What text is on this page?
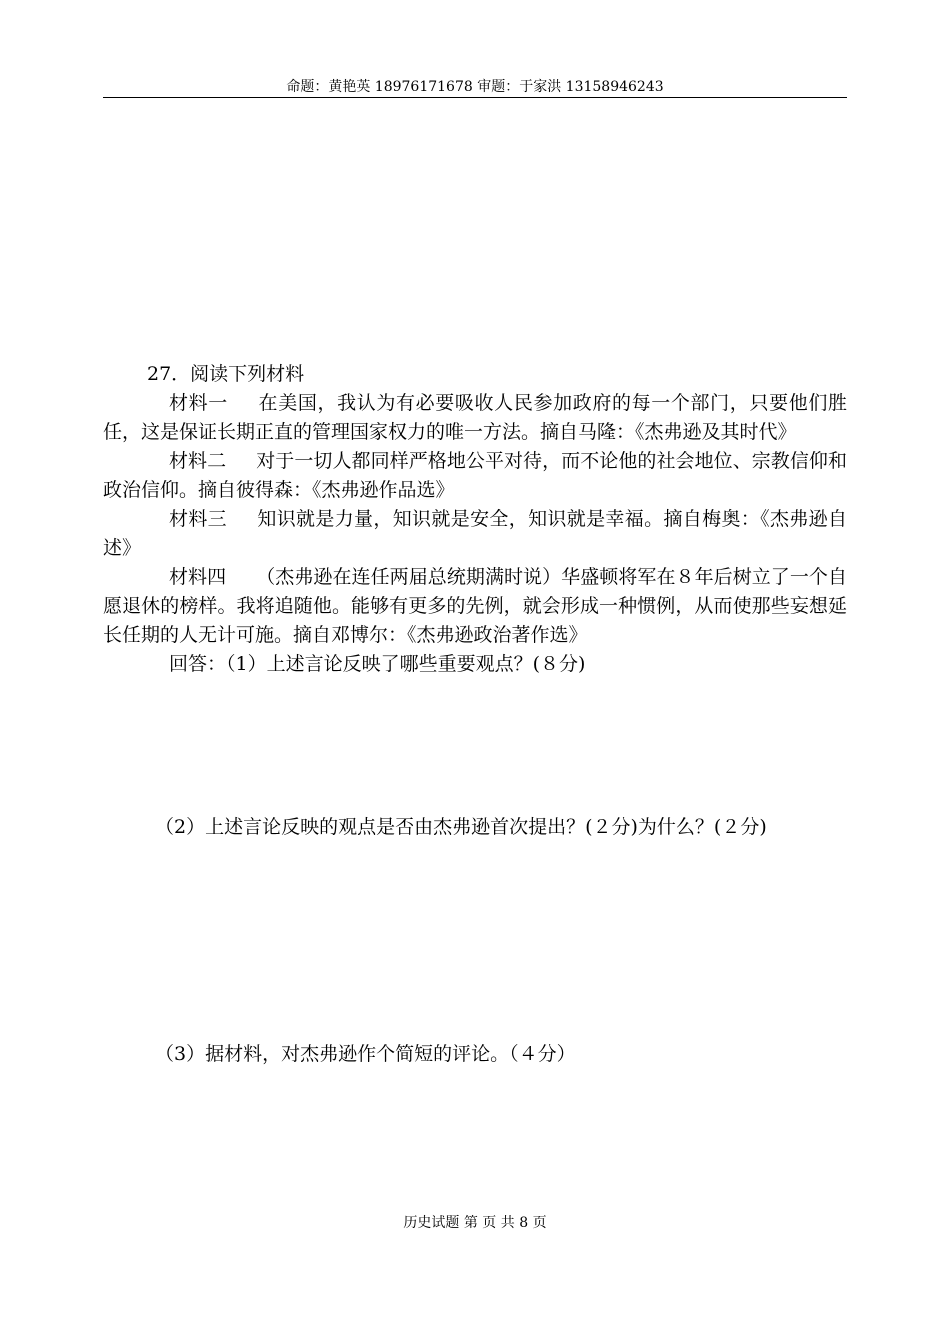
命题：黄艳英 18976171678 审题：于家洪 13158946243

27．阅读下列材料

材料一 在美国，我认为有必要吸收人民参加政府的每一个部门，只要他们胜任，这是保证长期正直的管理国家权力的唯一方法。摘自马隆：《杰弗逊及其时代》

材料二 对于一切人都同样严格地公平对待，而不论他的社会地位、宗教信仰和政治信仰。摘自彼得森：《杰弗逊作品选》

材料三 知识就是力量，知识就是安全，知识就是幸福。摘自梅奥：《杰弗逊自述》

材料四 （杰弗逊在连任两届总统期满时说）华盛顿将军在８年后树立了一个自愿退休的榜样。我将追随他。能够有更多的先例，就会形成一种惯例，从而使那些妄想延长任期的人无计可施。摘自邓博尔：《杰弗逊政治著作选》

回答：（1）上述言论反映了哪些重要观点？(８分)

（2）上述言论反映的观点是否由杰弗逊首次提出？(２分)为什么？(２分)

（3）据材料，对杰弗逊作个简短的评论。（４分）

历史试题 第 页 共 8 页
